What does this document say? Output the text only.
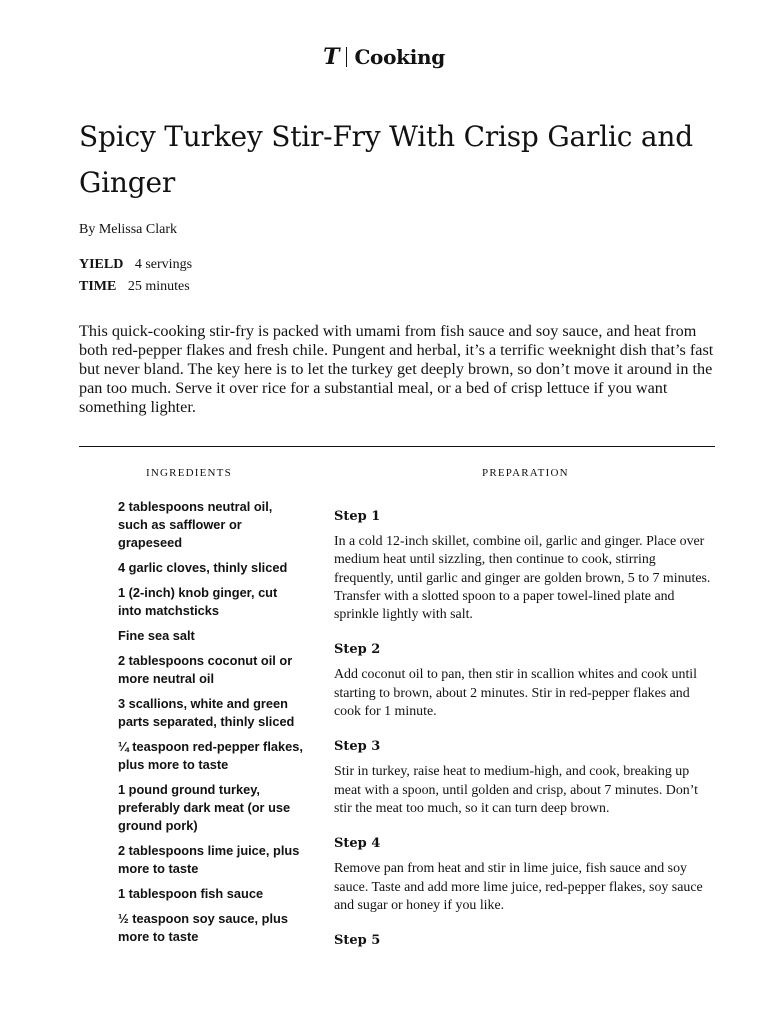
T Cooking
Spicy Turkey Stir-Fry With Crisp Garlic and Ginger
By Melissa Clark
YIELD 4 servings
TIME 25 minutes

This quick-cooking stir-fry is packed with umami from fish sauce and soy sauce, and heat from both red-pepper flakes and fresh chile. Pungent and herbal, it’s a terrific weeknight dish that’s fast but never bland. The key here is to let the turkey get deeply brown, so don’t move it around in the pan too much. Serve it over rice for a substantial meal, or a bed of crisp lettuce if you want something lighter.

INGREDIENTS	PREPARATION
2 tablespoons neutral oil, such as safflower or grapeseed
4 garlic cloves, thinly sliced
1 (2-inch) knob ginger, cut into matchsticks
Fine sea salt
2 tablespoons coconut oil or more neutral oil
3 scallions, white and green parts separated, thinly sliced
¼ teaspoon red-pepper flakes, plus more to taste
1 pound ground turkey, preferably dark meat (or use ground pork)
2 tablespoons lime juice, plus more to taste
1 tablespoon fish sauce
½ teaspoon soy sauce, plus more to taste
Step 1

In a cold 12-inch skillet, combine oil, garlic and ginger. Place over medium heat until sizzling, then continue to cook, stirring frequently, until garlic and ginger are golden brown, 5 to 7 minutes. Transfer with a slotted spoon to a paper towel-lined plate and sprinkle lightly with salt.

Step 2

Add coconut oil to pan, then stir in scallion whites and cook until starting to brown, about 2 minutes. Stir in red-pepper flakes and cook for 1 minute.

Step 3

Stir in turkey, raise heat to medium-high, and cook, breaking up meat with a spoon, until golden and crisp, about 7 minutes. Don’t stir the meat too much, so it can turn deep brown.

Step 4

Remove pan from heat and stir in lime juice, fish sauce and soy sauce. Taste and add more lime juice, red-pepper flakes, soy sauce and sugar or honey if you like.

Step 5
